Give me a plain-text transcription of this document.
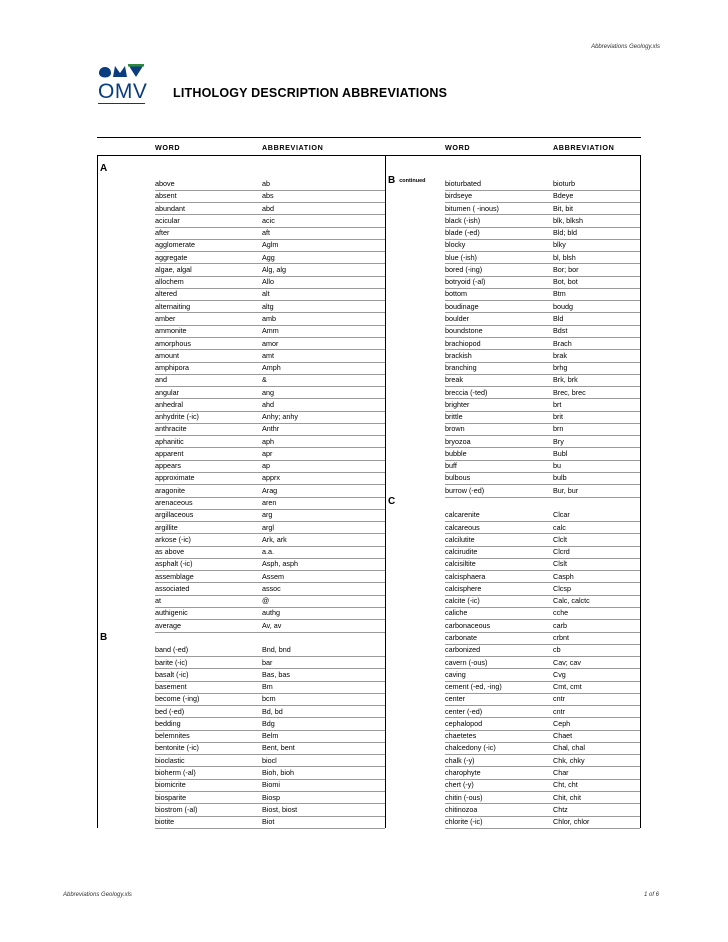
Abbreviations Geology.xls
OMV LITHOLOGY DESCRIPTION ABBREVIATIONS
WORD	ABBREVIATION	WORD	ABBREVIATION
A
B
Bcontinued
C
above	ab
absent	abs
abundant	abd
acicular	acic
after	aft
agglomerate	Aglm
aggregate	Agg
algae, algal	Alg, alg
allochem	Allo
altered	alt
alternaiting	altg
amber	amb
ammonite	Amm
amorphous	amor
amount	amt
amphipora	Amph
and	&
angular	ang
anhedral	ahd
anhydrite (-ic)	Anhy; anhy
anthracite	Anthr
aphanitic	aph
apparent	apr
appears	ap
approximate	apprx
aragonite	Arag
arenaceous	aren
argillaceous	arg
argillite	argl
arkose (-ic)	Ark, ark
as above	a.a.
asphalt (-ic)	Asph, asph
assemblage	Assem
associated	assoc
at	@
authigenic	authg
average	Av, av
band (-ed)	Bnd, bnd
barite (-ic)	bar
basalt (-ic)	Bas, bas
basement	Bm
become (-ing)	bcm
bed (-ed)	Bd, bd
bedding	Bdg
belemnites	Belm
bentonite (-ic)	Bent, bent
bioclastic	biocl
bioherm (-al)	Bioh, bioh
biomicrite	Biomi
biosparite	Biosp
biostrom (-al)	Biost, biost
biotite	Biot
bioturbated	bioturb
birdseye	Bdeye
bitumen ( -inous)	Bit, bit
black (-ish)	blk, blksh
blade (-ed)	Bld; bld
blocky	blky
blue (-ish)	bl, blsh
bored (-ing)	Bor; bor
botryoid (-al)	Bot, bot
bottom	Btm
boudinage	boudg
boulder	Bld
boundstone	Bdst
brachiopod	Brach
brackish	brak
branching	brhg
break	Brk, brk
breccia (-ted)	Brec, brec
brighter	brt
brittle	brit
brown	brn
bryozoa	Bry
bubble	Bubl
buff	bu
bulbous	bulb
burrow (-ed)	Bur, bur
calcarenite	Clcar
calcareous	calc
calcilutite	Clclt
calcirudite	Clcrd
calcisiltite	Clslt
calcisphaera	Casph
calcisphere	Clcsp
calcite (-ic)	Calc, calctc
caliche	cche
carbonaceous	carb
carbonate	crbnt
carbonized	cb
cavern (-ous)	Cav; cav
caving	Cvg
cement (-ed, -ing)	Cmt, cmt
center	cntr
center (-ed)	cntr
cephalopod	Ceph
chaetetes	Chaet
chalcedony (-ic)	Chal, chal
chalk (-y)	Chk, chky
charophyte	Char
chert (-y)	Cht, cht
chitin (-ous)	Chit, chit
chitinozoa	Chtz
chlorite (-ic)	Chlor, chlor
Abbreviations Geology.xls	1 of 6
